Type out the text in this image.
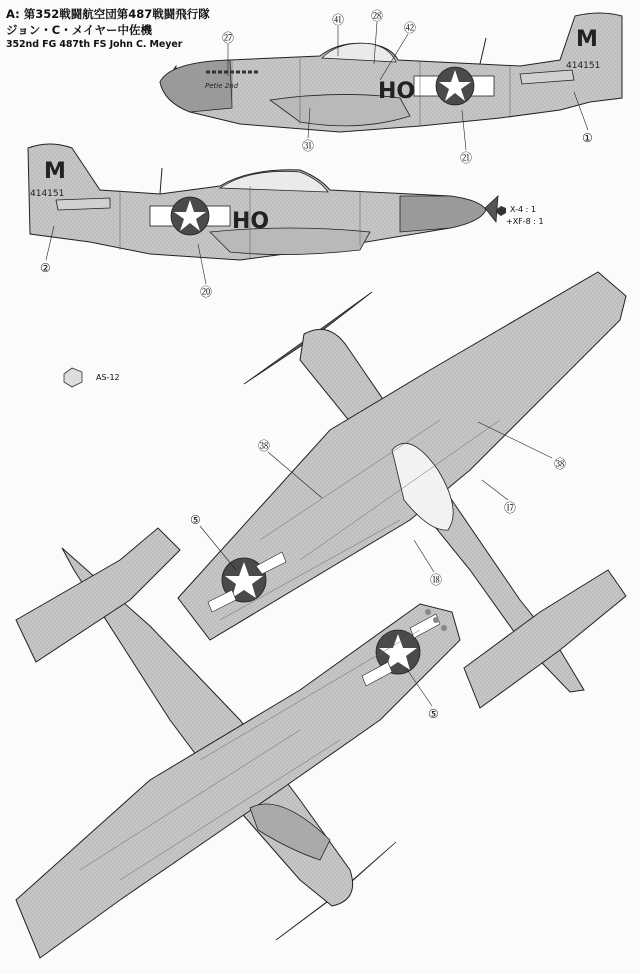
A: 第352戦闘航空団第487戦闘飛行隊
ジョン・C・メイヤー中佐機
352nd FG 487th FS John C. Meyer
HO
M
414151
Petie 2nd
HO
M
414151
X-4 : 1
+XF-8 : 1
AS-12
㉗
㊶ ㉘
㊷
①
㉑
㉛
②
⑳
㊳
㊳
⑰
⑤
⑱
⑤
